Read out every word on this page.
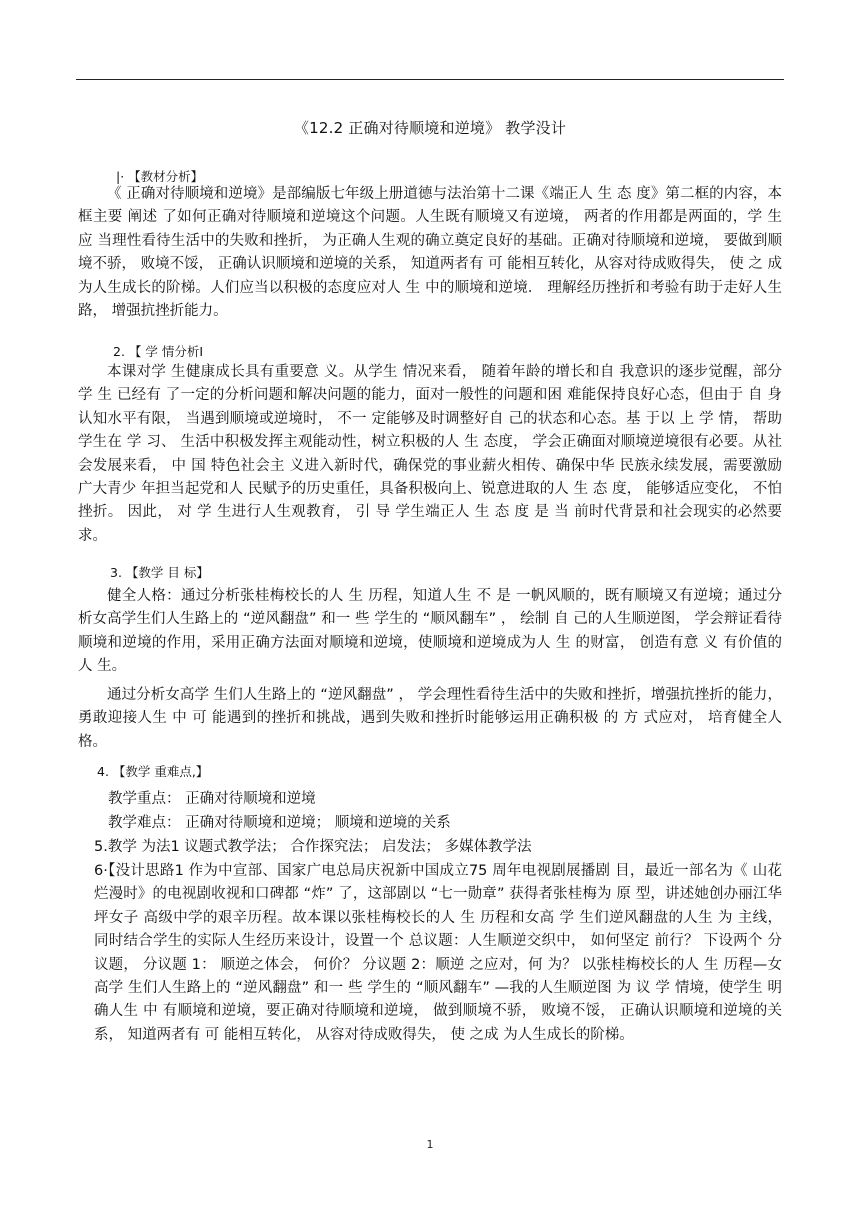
《12.2 正确对待顺境和逆境》 教学没计
|· 【教材分析】

《 正确对待顺境和逆境》是部编版七年级上册道德与法治第十二课《端正人 生 态 度》第二框的内容，本框主要 阐述 了如何正确对待顺境和逆境这个问题。人生既有顺境又有逆境， 两者的作用都是两面的，学 生 应 当理性看待生活中的失败和挫折， 为正确人生观的确立奠定良好的基础。正确对待顺境和逆境， 要做到顺境不骄， 败境不馁， 正确认识顺境和逆境的关系， 知道两者有 可 能相互转化，从容对待成败得失， 使 之 成 为人生成长的阶梯。人们应当以积极的态度应对人 生 中的顺境和逆境． 理解经历挫折和考验有助于走好人生路， 增强抗挫折能力。

2. 【 学 情分析I

本课对学 生健康成长具有重要意 义。从学生 情况来看， 随着年龄的增长和自 我意识的逐步觉醒，部分学 生 已经有 了一定的分析问题和解决问题的能力，面对一般性的问题和困 难能保持良好心态，但由于 自 身认知水平有限， 当遇到顺境或逆境时， 不一 定能够及时调整好自 己的状态和心态。基 于以 上 学 情， 帮助学生在 学 习、 生活中积极发挥主观能动性，树立积极的人 生 态度， 学会正确面对顺境逆境很有必要。从社会发展来看， 中 国 特色社会主 义进入新时代，确保党的事业薪火相传、确保中华 民族永续发展，需要激励广大青少 年担当起党和人 民赋予的历史重任，具备积极向上、锐意进取的人 生 态 度， 能够适应变化， 不怕挫折。 因此， 对 学 生进行人生观教育， 引 导 学生端正人 生 态 度 是 当 前时代背景和社会现实的必然要求。

3. 【教学 目 标】

健全人格：通过分析张桂梅校长的人 生 历程，知道人生 不 是 一帆风顺的，既有顺境又有逆境；通过分析女高学生们人生路上的 “逆风翻盘” 和一 些 学生的 “顺风翻车” ， 绘制 自 己的人生顺逆图， 学会辩证看待顺境和逆境的作用，采用正确方法面对顺境和逆境，使顺境和逆境成为人 生 的财富， 创造有意 义 有价值的人 生。

通过分析女高学 生们人生路上的 “逆风翻盘” ， 学会理性看待生活中的失败和挫折，增强抗挫折的能力，勇敢迎接人生 中 可 能遇到的挫折和挑战，遇到失败和挫折时能够运用正确积极 的 方 式应对， 培育健全人格。

4. 【教学 重难点,】
教学重点： 正确对待顺境和逆境
教学难点： 正确对待顺境和逆境； 顺境和逆境的关系
5.教学 为法1 议题式教学法； 合作探究法； 启发法； 多媒体教学法

6·【没计思路1 作为中宣部、国家广电总局庆祝新中国成立75 周年电视剧展播剧 目，最近一部名为《 山花烂漫时》的电视剧收视和口碑都 “炸” 了，这部剧以 “七一勋章” 获得者张桂梅为 原 型，讲述她创办丽江华坪女子 高级中学的艰辛历程。故本课以张桂梅校长的人 生 历程和女高 学 生们逆风翻盘的人生 为 主线， 同时结合学生的实际人生经历来设计，设置一个 总议题：人生顺逆交织中， 如何坚定 前行？ 下设两个 分议题， 分议题 1： 顺逆之体会， 何价？ 分议题 2：顺逆 之应对，何 为？ 以张桂梅校长的人 生 历程—女高学 生们人生路上的 “逆风翻盘” 和一 些 学生的 “顺风翻车” —我的人生顺逆图 为 议 学 情境，使学生 明确人生 中 有顺境和逆境，要正确对待顺境和逆境， 做到顺境不骄， 败境不馁， 正确认识顺境和逆境的关系， 知道两者有 可 能相互转化， 从容对待成败得失， 使 之成 为人生成长的阶梯。

1
